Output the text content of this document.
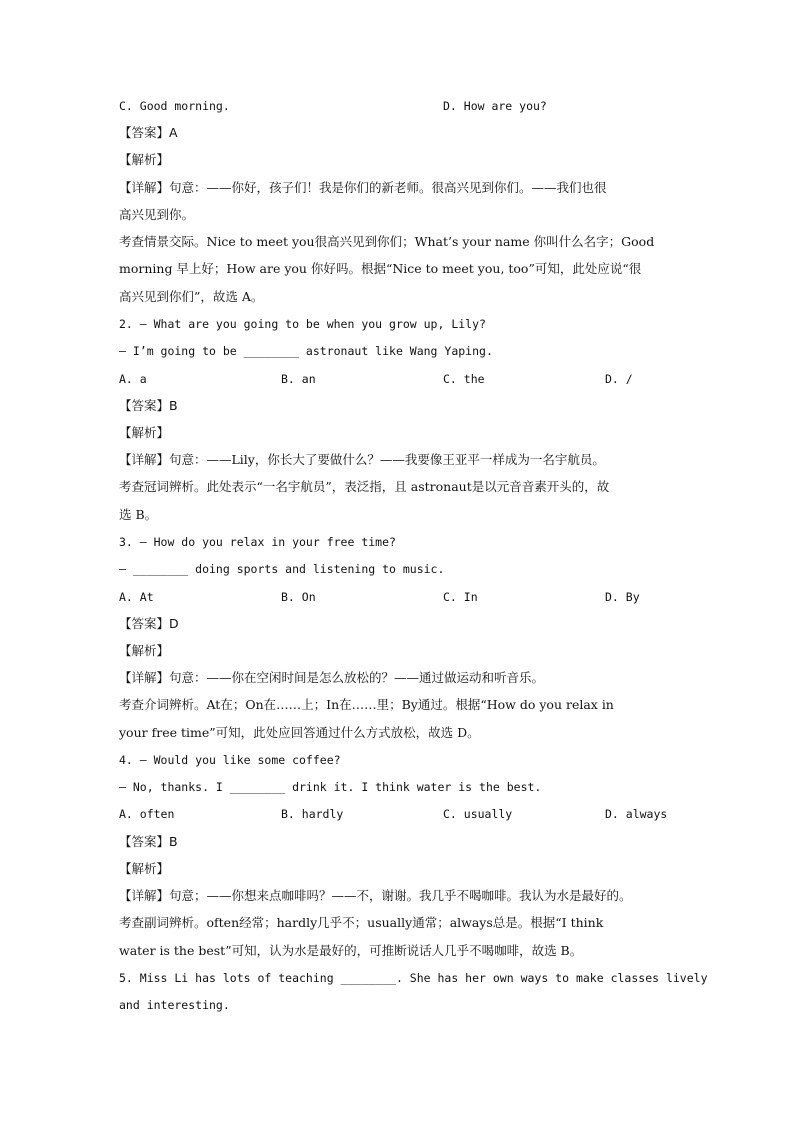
C. Good morning.	D. How are you?
【答案】A
【解析】
【详解】句意：——你好，孩子们！我是你们的新老师。很高兴见到你们。——我们也很
高兴见到你。
考查情景交际。Nice to meet you很高兴见到你们；What’s your name 你叫什么名字；Good
morning 早上好；How are you 你好吗。根据“Nice to meet you, too”可知，此处应说“很
高兴见到你们”，故选 A。
2. — What are you going to be when you grow up, Lily?
— I’m going to be ________ astronaut like Wang Yaping.
A. a	B. an	C. the	D. /
【答案】B
【解析】
【详解】句意：——Lily，你长大了要做什么？——我要像王亚平一样成为一名宇航员。
考查冠词辨析。此处表示“一名宇航员”，表泛指，且 astronaut是以元音音素开头的，故
选 B。
3. — How do you relax in your free time?
— ________ doing sports and listening to music.
A. At	B. On	C. In	D. By
【答案】D
【解析】
【详解】句意：——你在空闲时间是怎么放松的？——通过做运动和听音乐。
考查介词辨析。At在；On在……上；In在……里；By通过。根据“How do you relax in
your free time”可知，此处应回答通过什么方式放松，故选 D。
4. — Would you like some coffee?
— No, thanks. I ________ drink it. I think water is the best.
A. often	B. hardly	C. usually	D. always
【答案】B
【解析】
【详解】句意；——你想来点咖啡吗？——不，谢谢。我几乎不喝咖啡。我认为水是最好的。
考查副词辨析。often经常；hardly几乎不；usually通常；always总是。根据“I think
water is the best”可知，认为水是最好的，可推断说话人几乎不喝咖啡，故选 B。
5. Miss Li has lots of teaching ________. She has her own ways to make classes lively
and interesting.
